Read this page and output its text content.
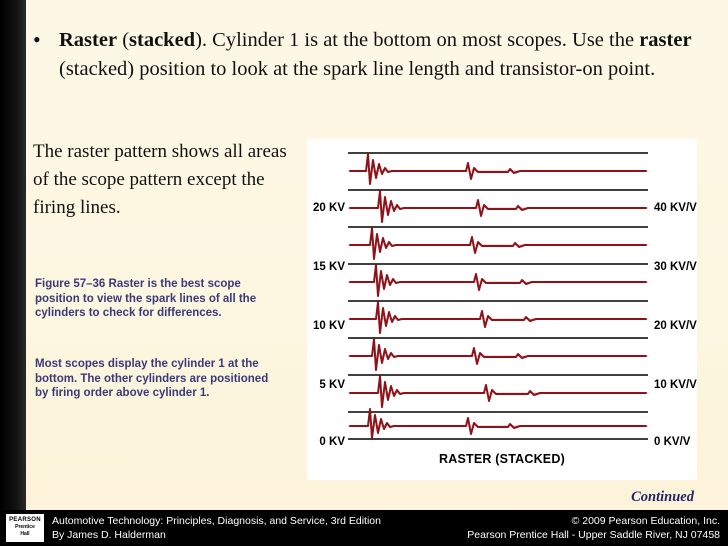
• Raster (stacked). Cylinder 1 is at the bottom on most scopes. Use the raster (stacked) position to look at the spark line length and transistor-on point.
The raster pattern shows all areas of the scope pattern except the firing lines.
Figure 57–36 Raster is the best scope position to view the spark lines of all the cylinders to check for differences.
Most scopes display the cylinder 1 at the bottom. The other cylinders are positioned by firing order above cylinder 1.
20 KV
15 KV
10 KV
5 KV
0 KV
40 KV/V
30 KV/V
20 KV/V
10 KV/V
0 KV/V
RASTER (STACKED)
Continued
PEARSON
Prentice
Hall
Automotive Technology: Principles, Diagnosis, and Service, 3rd Edition
By James D. Halderman
© 2009 Pearson Education, Inc.
Pearson Prentice Hall - Upper Saddle River, NJ 07458
